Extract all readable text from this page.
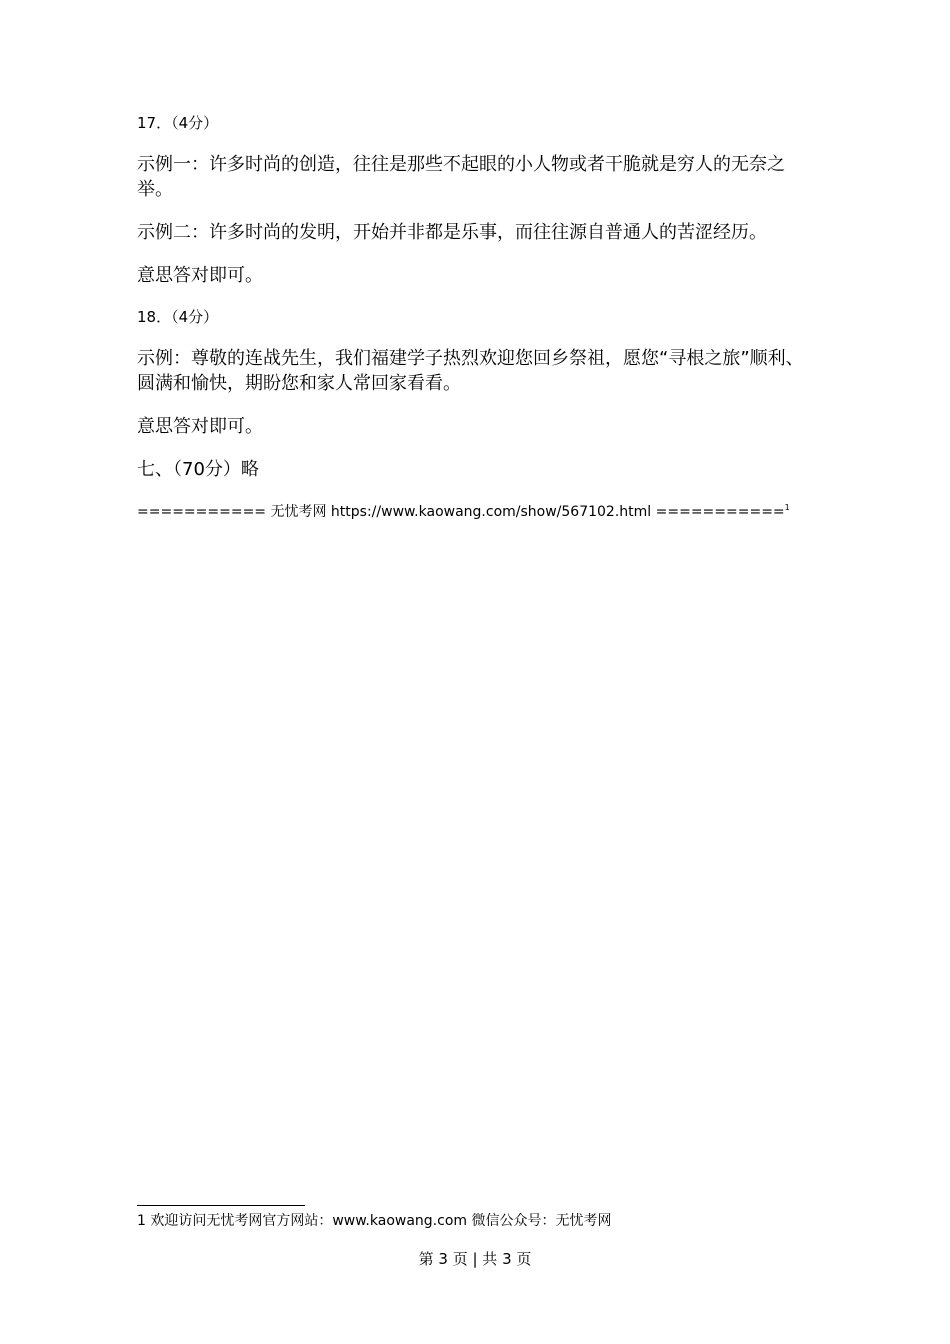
17．（4分）

示例一：许多时尚的创造，往往是那些不起眼的小人物或者干脆就是穷人的无奈之举。

示例二：许多时尚的发明，开始并非都是乐事，而往往源自普通人的苦涩经历。

意思答对即可。

18．（4分）

示例：尊敬的连战先生，我们福建学子热烈欢迎您回乡祭祖，愿您“寻根之旅”顺利、圆满和愉快，期盼您和家人常回家看看。

意思答对即可。

七、（70分）略

=========== 无忧考网 https://www.kaowang.com/show/567102.html ===========$^1$
1 欢迎访问无忧考网官方网站：www.kaowang.com 微信公众号：无忧考网
第 3 页 | 共 3 页
